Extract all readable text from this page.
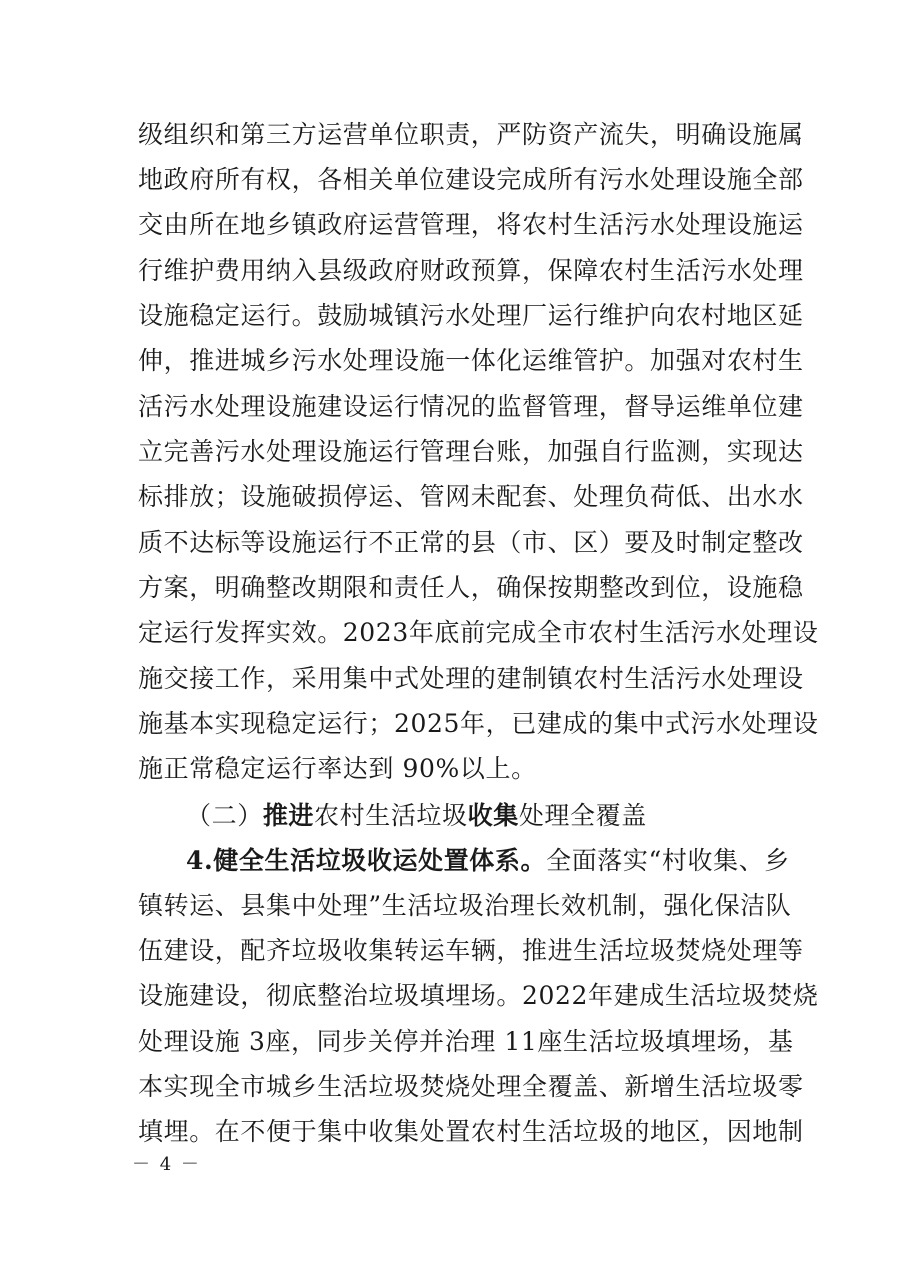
级组织和第三方运营单位职责，严防资产流失，明确设施属
地政府所有权，各相关单位建设完成所有污水处理设施全部
交由所在地乡镇政府运营管理，将农村生活污水处理设施运
行维护费用纳入县级政府财政预算，保障农村生活污水处理
设施稳定运行。鼓励城镇污水处理厂运行维护向农村地区延
伸，推进城乡污水处理设施一体化运维管护。加强对农村生
活污水处理设施建设运行情况的监督管理，督导运维单位建
立完善污水处理设施运行管理台账，加强自行监测，实现达
标排放；设施破损停运、管网未配套、处理负荷低、出水水
质不达标等设施运行不正常的县（市、区）要及时制定整改
方案，明确整改期限和责任人，确保按期整改到位，设施稳
定运行发挥实效。2023年底前完成全市农村生活污水处理设
施交接工作，采用集中式处理的建制镇农村生活污水处理设
施基本实现稳定运行；2025年，已建成的集中式污水处理设
施正常稳定运行率达到 90%以上。
（二）推进农村生活垃圾收集处理全覆盖
4.健全生活垃圾收运处置体系。全面落实“村收集、乡
镇转运、县集中处理”生活垃圾治理长效机制，强化保洁队
伍建设，配齐垃圾收集转运车辆，推进生活垃圾焚烧处理等
设施建设，彻底整治垃圾填埋场。2022年建成生活垃圾焚烧
处理设施 3座，同步关停并治理 11座生活垃圾填埋场，基
本实现全市城乡生活垃圾焚烧处理全覆盖、新增生活垃圾零
填埋。在不便于集中收集处置农村生活垃圾的地区，因地制
－ 4 －
